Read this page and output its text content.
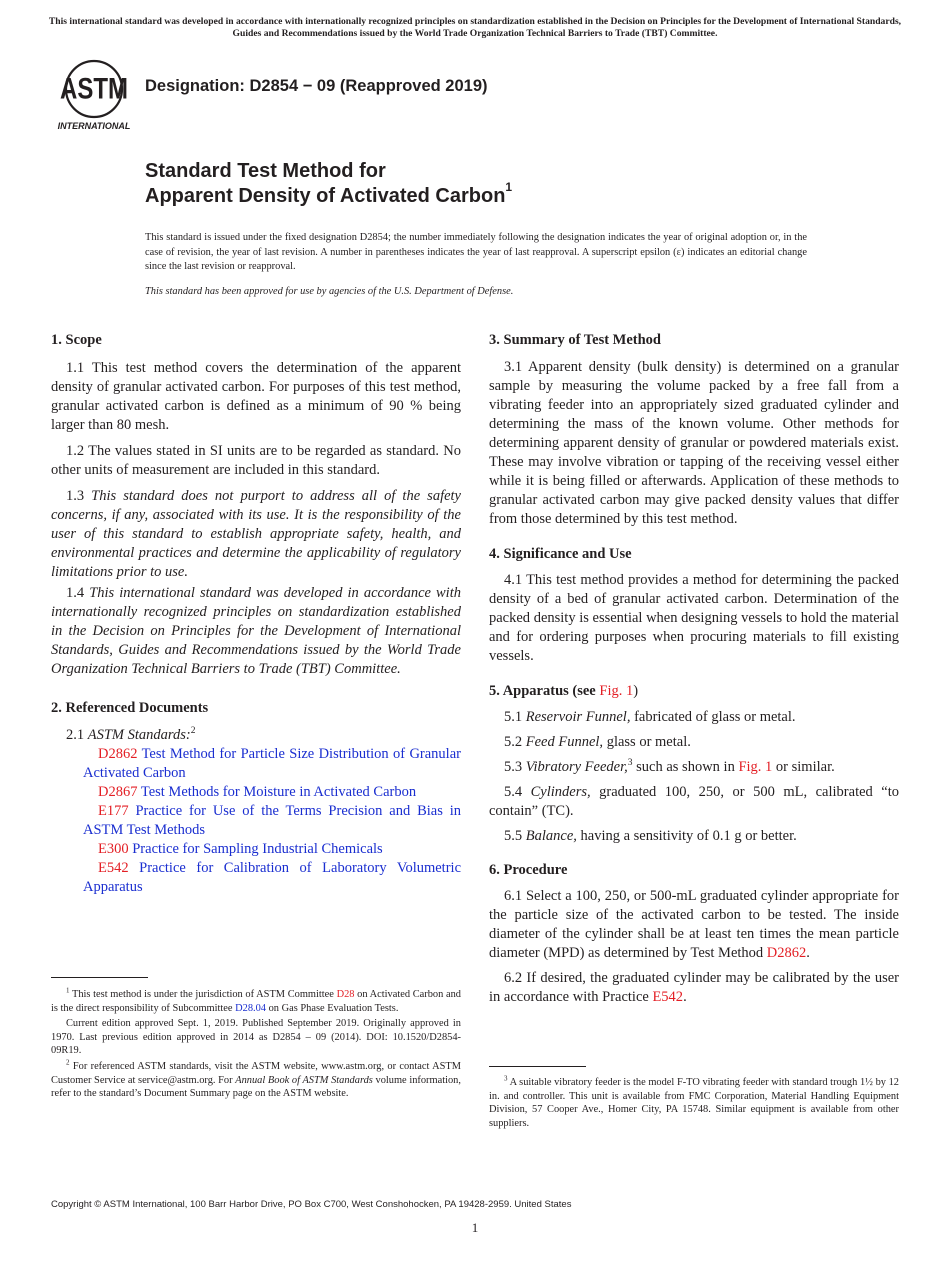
This international standard was developed in accordance with internationally recognized principles on standardization established in the Decision on Principles for the Development of International Standards, Guides and Recommendations issued by the World Trade Organization Technical Barriers to Trade (TBT) Committee.
ASTM
INTERNATIONAL
Designation: D2854 − 09 (Reapproved 2019)
Standard Test Method for
Apparent Density of Activated Carbon$^1$
This standard is issued under the fixed designation D2854; the number immediately following the designation indicates the year of original adoption or, in the case of revision, the year of last revision. A number in parentheses indicates the year of last reapproval. A superscript epsilon (ε) indicates an editorial change since the last revision or reapproval.
This standard has been approved for use by agencies of the U.S. Department of Defense.
1. Scope

1.1 This test method covers the determination of the apparent density of granular activated carbon. For purposes of this test method, granular activated carbon is defined as a minimum of 90 % being larger than 80 mesh.

1.2 The values stated in SI units are to be regarded as standard. No other units of measurement are included in this standard.

1.3 This standard does not purport to address all of the safety concerns, if any, associated with its use. It is the responsibility of the user of this standard to establish appropriate safety, health, and environmental practices and determine the applicability of regulatory limitations prior to use.

1.4 This international standard was developed in accordance with internationally recognized principles on standardization established in the Decision on Principles for the Development of International Standards, Guides and Recommendations issued by the World Trade Organization Technical Barriers to Trade (TBT) Committee.

2. Referenced Documents

2.1 ASTM Standards:$^2$

D2862 Test Method for Particle Size Distribution of Granular Activated Carbon

D2867 Test Methods for Moisture in Activated Carbon

E177 Practice for Use of the Terms Precision and Bias in ASTM Test Methods

E300 Practice for Sampling Industrial Chemicals

E542 Practice for Calibration of Laboratory Volumetric Apparatus

$^1$ This test method is under the jurisdiction of ASTM Committee D28 on Activated Carbon and is the direct responsibility of Subcommittee D28.04 on Gas Phase Evaluation Tests.

Current edition approved Sept. 1, 2019. Published September 2019. Originally approved in 1970. Last previous edition approved in 2014 as D2854 – 09 (2014). DOI: 10.1520/D2854-09R19.

$^2$ For referenced ASTM standards, visit the ASTM website, www.astm.org, or contact ASTM Customer Service at service@astm.org. For Annual Book of ASTM Standards volume information, refer to the standard’s Document Summary page on the ASTM website.

3. Summary of Test Method

3.1 Apparent density (bulk density) is determined on a granular sample by measuring the volume packed by a free fall from a vibrating feeder into an appropriately sized graduated cylinder and determining the mass of the known volume. Other methods for determining apparent density of granular or powdered materials exist. These may involve vibration or tapping of the receiving vessel either while it is being filled or afterwards. Application of these methods to granular activated carbon may give packed density values that differ from those determined by this test method.

4. Significance and Use

4.1 This test method provides a method for determining the packed density of a bed of granular activated carbon. Determination of the packed density is essential when designing vessels to hold the material and for ordering purposes when procuring materials to fill existing vessels.

5. Apparatus (see Fig. 1)

5.1 Reservoir Funnel, fabricated of glass or metal.

5.2 Feed Funnel, glass or metal.

5.3 Vibratory Feeder,$^3$ such as shown in Fig. 1 or similar.

5.4 Cylinders, graduated 100, 250, or 500 mL, calibrated “to contain” (TC).

5.5 Balance, having a sensitivity of 0.1 g or better.

6. Procedure

6.1 Select a 100, 250, or 500-mL graduated cylinder appropriate for the particle size of the activated carbon to be tested. The inside diameter of the cylinder shall be at least ten times the mean particle diameter (MPD) as determined by Test Method D2862.

6.2 If desired, the graduated cylinder may be calibrated by the user in accordance with Practice E542.

$^3$ A suitable vibratory feeder is the model F-TO vibrating feeder with standard trough 1½ by 12 in. and controller. This unit is available from FMC Corporation, Material Handling Equipment Division, 57 Cooper Ave., Homer City, PA 15748. Similar equipment is available from other suppliers.

Copyright © ASTM International, 100 Barr Harbor Drive, PO Box C700, West Conshohocken, PA 19428-2959. United States
1
